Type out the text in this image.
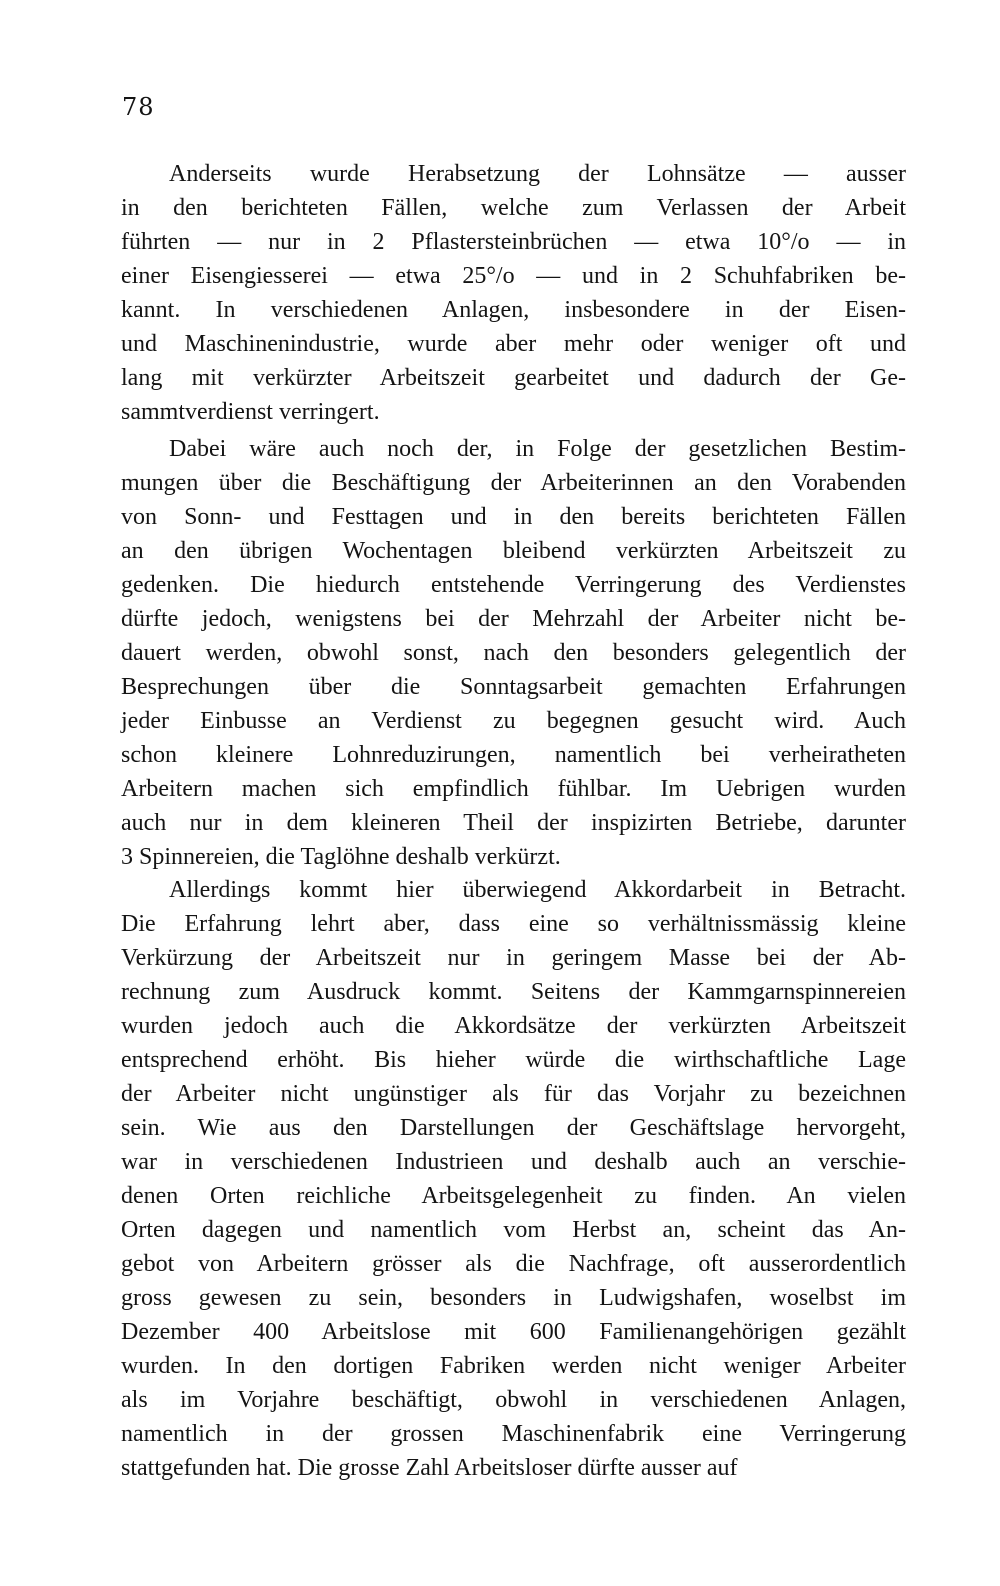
78
  Anderseits wurde Herabsetzung der Lohnsätze — ausser
in den berichteten Fällen, welche zum Verlassen der Arbeit
führten — nur in 2 Pflastersteinbrüchen — etwa 10°/o — in
einer Eisengiesserei — etwa 25°/o — und in 2 Schuhfabriken be-
kannt. In verschiedenen Anlagen, insbesondere in der Eisen-
und Maschinenindustrie, wurde aber mehr oder weniger oft und
lang mit verkürzter Arbeitszeit gearbeitet und dadurch der Ge-
sammtverdienst verringert.
  Dabei wäre auch noch der, in Folge der gesetzlichen Bestim-
mungen über die Beschäftigung der Arbeiterinnen an den Vorabenden
von Sonn- und Festtagen und in den bereits berichteten Fällen
an den übrigen Wochentagen bleibend verkürzten Arbeitszeit zu
gedenken. Die hiedurch entstehende Verringerung des Verdienstes
dürfte jedoch, wenigstens bei der Mehrzahl der Arbeiter nicht be-
dauert werden, obwohl sonst, nach den besonders gelegentlich der
Besprechungen über die Sonntagsarbeit gemachten Erfahrungen
jeder Einbusse an Verdienst zu begegnen gesucht wird. Auch
schon kleinere Lohnreduzirungen, namentlich bei verheiratheten
Arbeitern machen sich empfindlich fühlbar. Im Uebrigen wurden
auch nur in dem kleineren Theil der inspizirten Betriebe, darunter
3 Spinnereien, die Taglöhne deshalb verkürzt.
  Allerdings kommt hier überwiegend Akkordarbeit in Betracht.
Die Erfahrung lehrt aber, dass eine so verhältnissmässig kleine
Verkürzung der Arbeitszeit nur in geringem Masse bei der Ab-
rechnung zum Ausdruck kommt. Seitens der Kammgarnspinnereien
wurden jedoch auch die Akkordsätze der verkürzten Arbeitszeit
entsprechend erhöht. Bis hieher würde die wirthschaftliche Lage
der Arbeiter nicht ungünstiger als für das Vorjahr zu bezeichnen
sein. Wie aus den Darstellungen der Geschäftslage hervorgeht,
war in verschiedenen Industrieen und deshalb auch an verschie-
denen Orten reichliche Arbeitsgelegenheit zu finden. An vielen
Orten dagegen und namentlich vom Herbst an, scheint das An-
gebot von Arbeitern grösser als die Nachfrage, oft ausserordentlich
gross gewesen zu sein, besonders in Ludwigshafen, woselbst im
Dezember 400 Arbeitslose mit 600 Familienangehörigen gezählt
wurden. In den dortigen Fabriken werden nicht weniger Arbeiter
als im Vorjahre beschäftigt, obwohl in verschiedenen Anlagen,
namentlich in der grossen Maschinenfabrik eine Verringerung
stattgefunden hat. Die grosse Zahl Arbeitsloser dürfte ausser auf
